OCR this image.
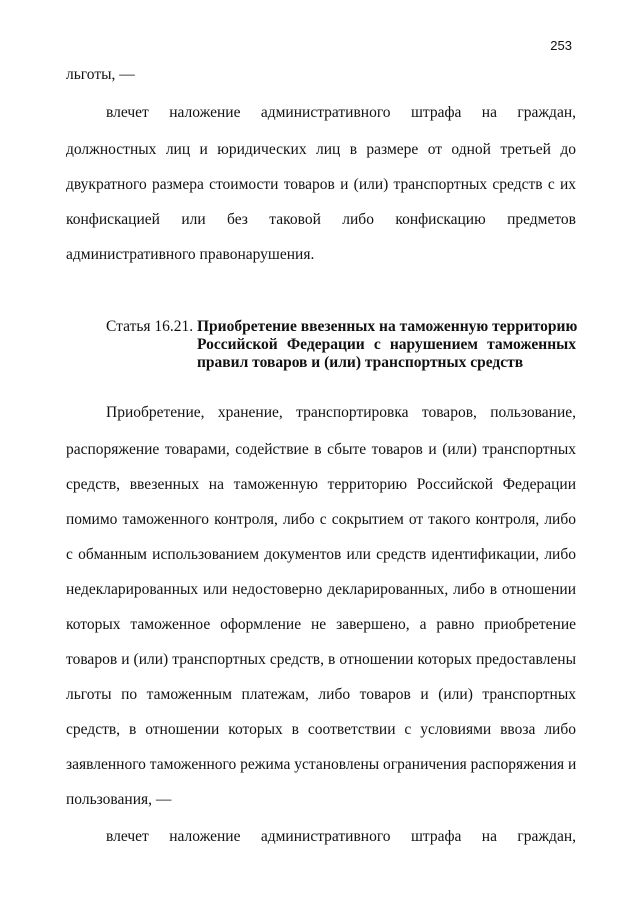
253
льготы, —
влечет наложение административного штрафа на граждан,
должностных лиц и юридических лиц в размере от одной третьей до
двукратного размера стоимости товаров и (или) транспортных средств с их
конфискацией или без таковой либо конфискацию предметов
административного правонарушения.
Статья 16.21. Приобретение ввезенных на таможенную территорию
Российской Федерации с нарушением таможенных
правил товаров и (или) транспортных средств
Приобретение, хранение, транспортировка товаров, пользование,
распоряжение товарами, содействие в сбыте товаров и (или) транспортных
средств, ввезенных на таможенную территорию Российской Федерации
помимо таможенного контроля, либо с сокрытием от такого контроля, либо
с обманным использованием документов или средств идентификации, либо
недекларированных или недостоверно декларированных, либо в отношении
которых таможенное оформление не завершено, а равно приобретение
товаров и (или) транспортных средств, в отношении которых предоставлены
льготы по таможенным платежам, либо товаров и (или) транспортных
средств, в отношении которых в соответствии с условиями ввоза либо
заявленного таможенного режима установлены ограничения распоряжения и
пользования, —
влечет наложение административного штрафа на граждан,
